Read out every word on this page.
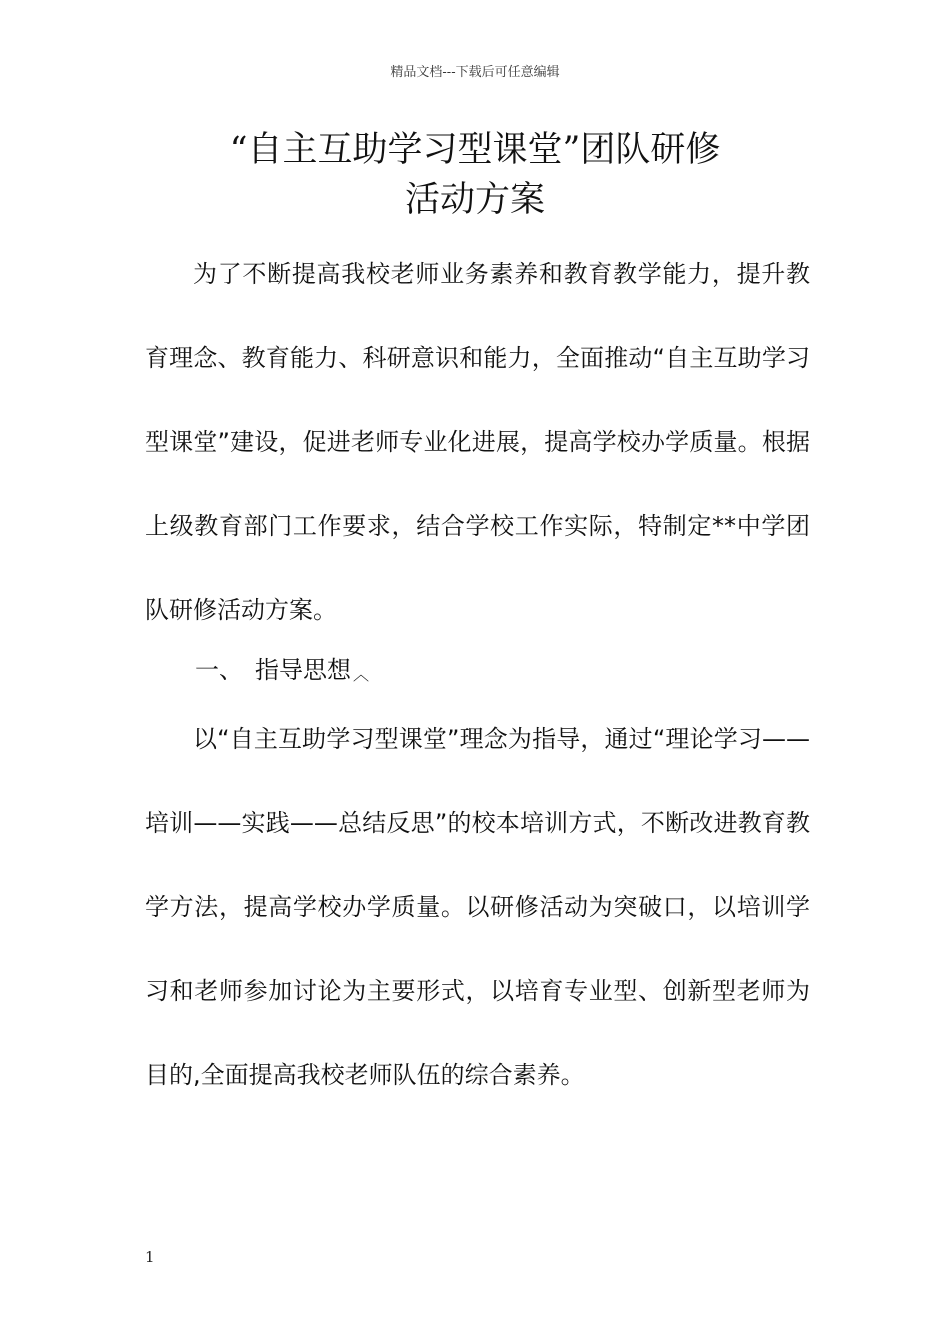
精品文档---下载后可任意编辑
“自主互助学习型课堂”团队研修
活动方案
为了不断提高我校老师业务素养和教育教学能力，提升教育理念、教育能力、科研意识和能力，全面推动“自主互助学习型课堂”建设，促进老师专业化进展，提高学校办学质量。根据上级教育部门工作要求，结合学校工作实际，特制定**中学团队研修活动方案。
一、 指导思想 ︿
以“自主互助学习型课堂”理念为指导，通过“理论学习——培训——实践——总结反思”的校本培训方式，不断改进教育教学方法，提高学校办学质量。以研修活动为突破口，以培训学习和老师参加讨论为主要形式，以培育专业型、创新型老师为目的,全面提高我校老师队伍的综合素养。
1
